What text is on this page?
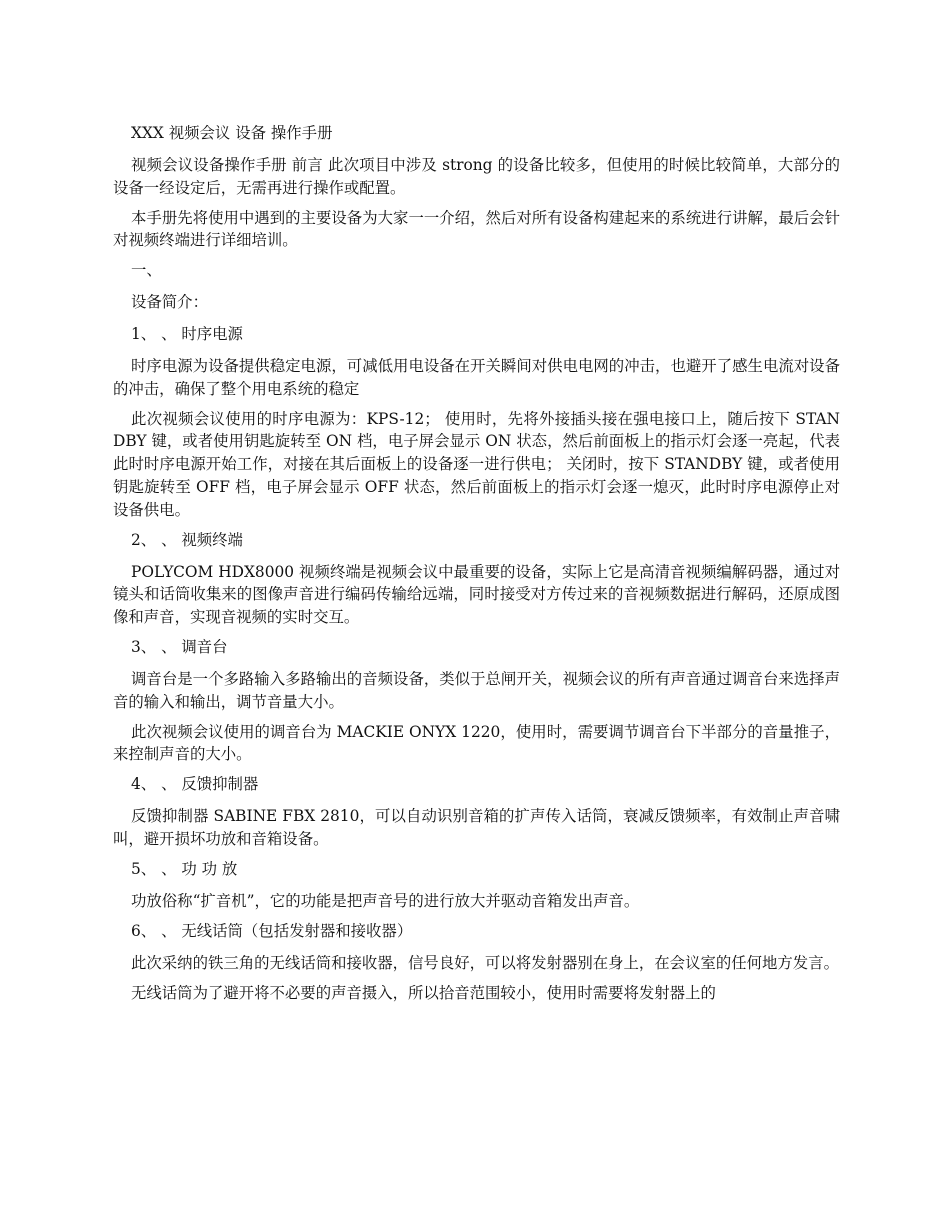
XXX 视频会议 设备 操作手册

视频会议设备操作手册 前言 此次项目中涉及 strong 的设备比较多，但使用的时候比较简单，大部分的设备一经设定后，无需再进行操作或配置。

本手册先将使用中遇到的主要设备为大家一一介绍，然后对所有设备构建起来的系统进行讲解，最后会针对视频终端进行详细培训。

一、

设备简介：

1、 、 时序电源

时序电源为设备提供稳定电源，可减低用电设备在开关瞬间对供电电网的冲击，也避开了感生电流对设备的冲击，确保了整个用电系统的稳定

此次视频会议使用的时序电源为：KPS-12； 使用时，先将外接插头接在强电接口上，随后按下 STANDBY 键，或者使用钥匙旋转至 ON 档，电子屏会显示 ON 状态，然后前面板上的指示灯会逐一亮起，代表此时时序电源开始工作，对接在其后面板上的设备逐一进行供电； 关闭时，按下 STANDBY 键，或者使用钥匙旋转至 OFF 档，电子屏会显示 OFF 状态，然后前面板上的指示灯会逐一熄灭，此时时序电源停止对设备供电。

2、 、 视频终端

POLYCOM HDX8000 视频终端是视频会议中最重要的设备，实际上它是高清音视频编解码器，通过对镜头和话筒收集来的图像声音进行编码传输给远端，同时接受对方传过来的音视频数据进行解码，还原成图像和声音，实现音视频的实时交互。

3、 、 调音台

调音台是一个多路输入多路输出的音频设备，类似于总闸开关，视频会议的所有声音通过调音台来选择声音的输入和输出，调节音量大小。

此次视频会议使用的调音台为 MACKIE ONYX 1220，使用时，需要调节调音台下半部分的音量推子，来控制声音的大小。

4、 、 反馈抑制器

反馈抑制器 SABINE FBX 2810，可以自动识别音箱的扩声传入话筒，衰减反馈频率，有效制止声音啸叫，避开损坏功放和音箱设备。

5、 、 功 功 放

功放俗称“扩音机”，它的功能是把声音号的进行放大并驱动音箱发出声音。

6、 、 无线话筒（包括发射器和接收器）

此次采纳的铁三角的无线话筒和接收器，信号良好，可以将发射器别在身上，在会议室的任何地方发言。

无线话筒为了避开将不必要的声音摄入，所以拾音范围较小，使用时需要将发射器上的
